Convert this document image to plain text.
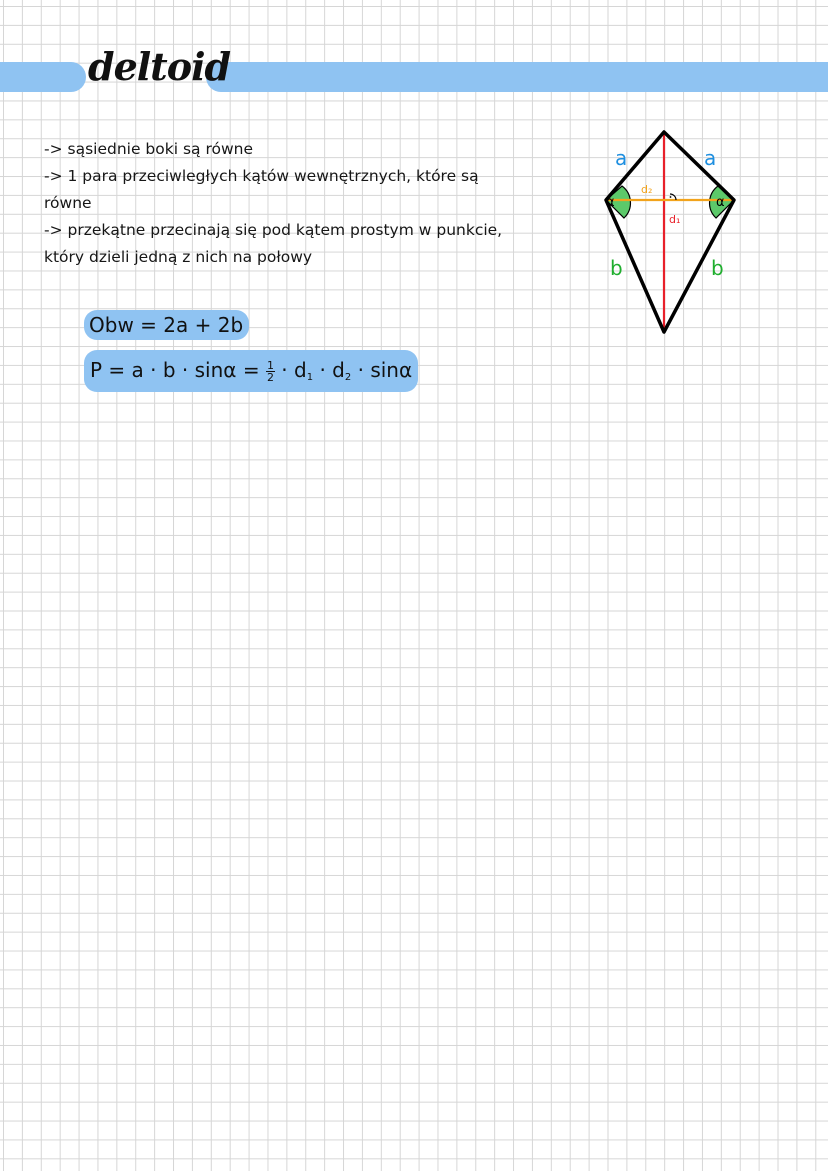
deltoid

-> sąsiednie boki są równe

-> 1 para przeciwległych kątów wewnętrznych, które są równe

-> przekątne przecinają się pod kątem prostym w punkcie, który dzieli jedną z nich na połowy

Obw = 2a + 2b
$P = a \cdot b \cdot \sin\alpha = \frac{1}{2} \cdot d_1 \cdot d_2 \cdot \sin\alpha$
a	a
b	b
α	α
d₂
d₁
